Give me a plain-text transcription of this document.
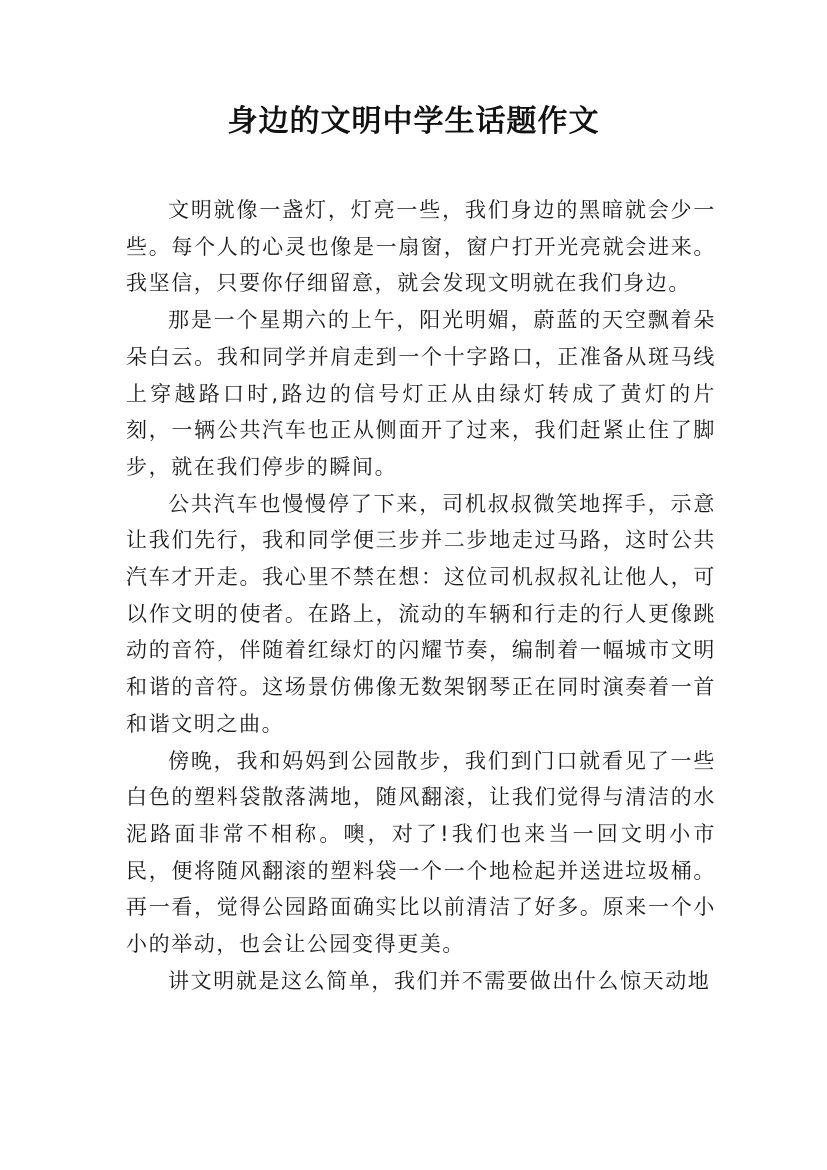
身边的文明中学生话题作文

文明就像一盏灯，灯亮一些，我们身边的黑暗就会少一些。每个人的心灵也像是一扇窗，窗户打开光亮就会进来。我坚信，只要你仔细留意，就会发现文明就在我们身边。

那是一个星期六的上午，阳光明媚，蔚蓝的天空飘着朵朵白云。我和同学并肩走到一个十字路口，正准备从斑马线上穿越路口时,路边的信号灯正从由绿灯转成了黄灯的片刻，一辆公共汽车也正从侧面开了过来，我们赶紧止住了脚步，就在我们停步的瞬间。

公共汽车也慢慢停了下来，司机叔叔微笑地挥手，示意让我们先行，我和同学便三步并二步地走过马路，这时公共汽车才开走。我心里不禁在想：这位司机叔叔礼让他人，可以作文明的使者。在路上，流动的车辆和行走的行人更像跳动的音符，伴随着红绿灯的闪耀节奏，编制着一幅城市文明和谐的音符。这场景仿佛像无数架钢琴正在同时演奏着一首和谐文明之曲。

傍晚，我和妈妈到公园散步，我们到门口就看见了一些白色的塑料袋散落满地，随风翻滚，让我们觉得与清洁的水泥路面非常不相称。噢，对了!我们也来当一回文明小市民，便将随风翻滚的塑料袋一个一个地检起并送进垃圾桶。再一看，觉得公园路面确实比以前清洁了好多。原来一个小小的举动，也会让公园变得更美。

讲文明就是这么简单，我们并不需要做出什么惊天动地
